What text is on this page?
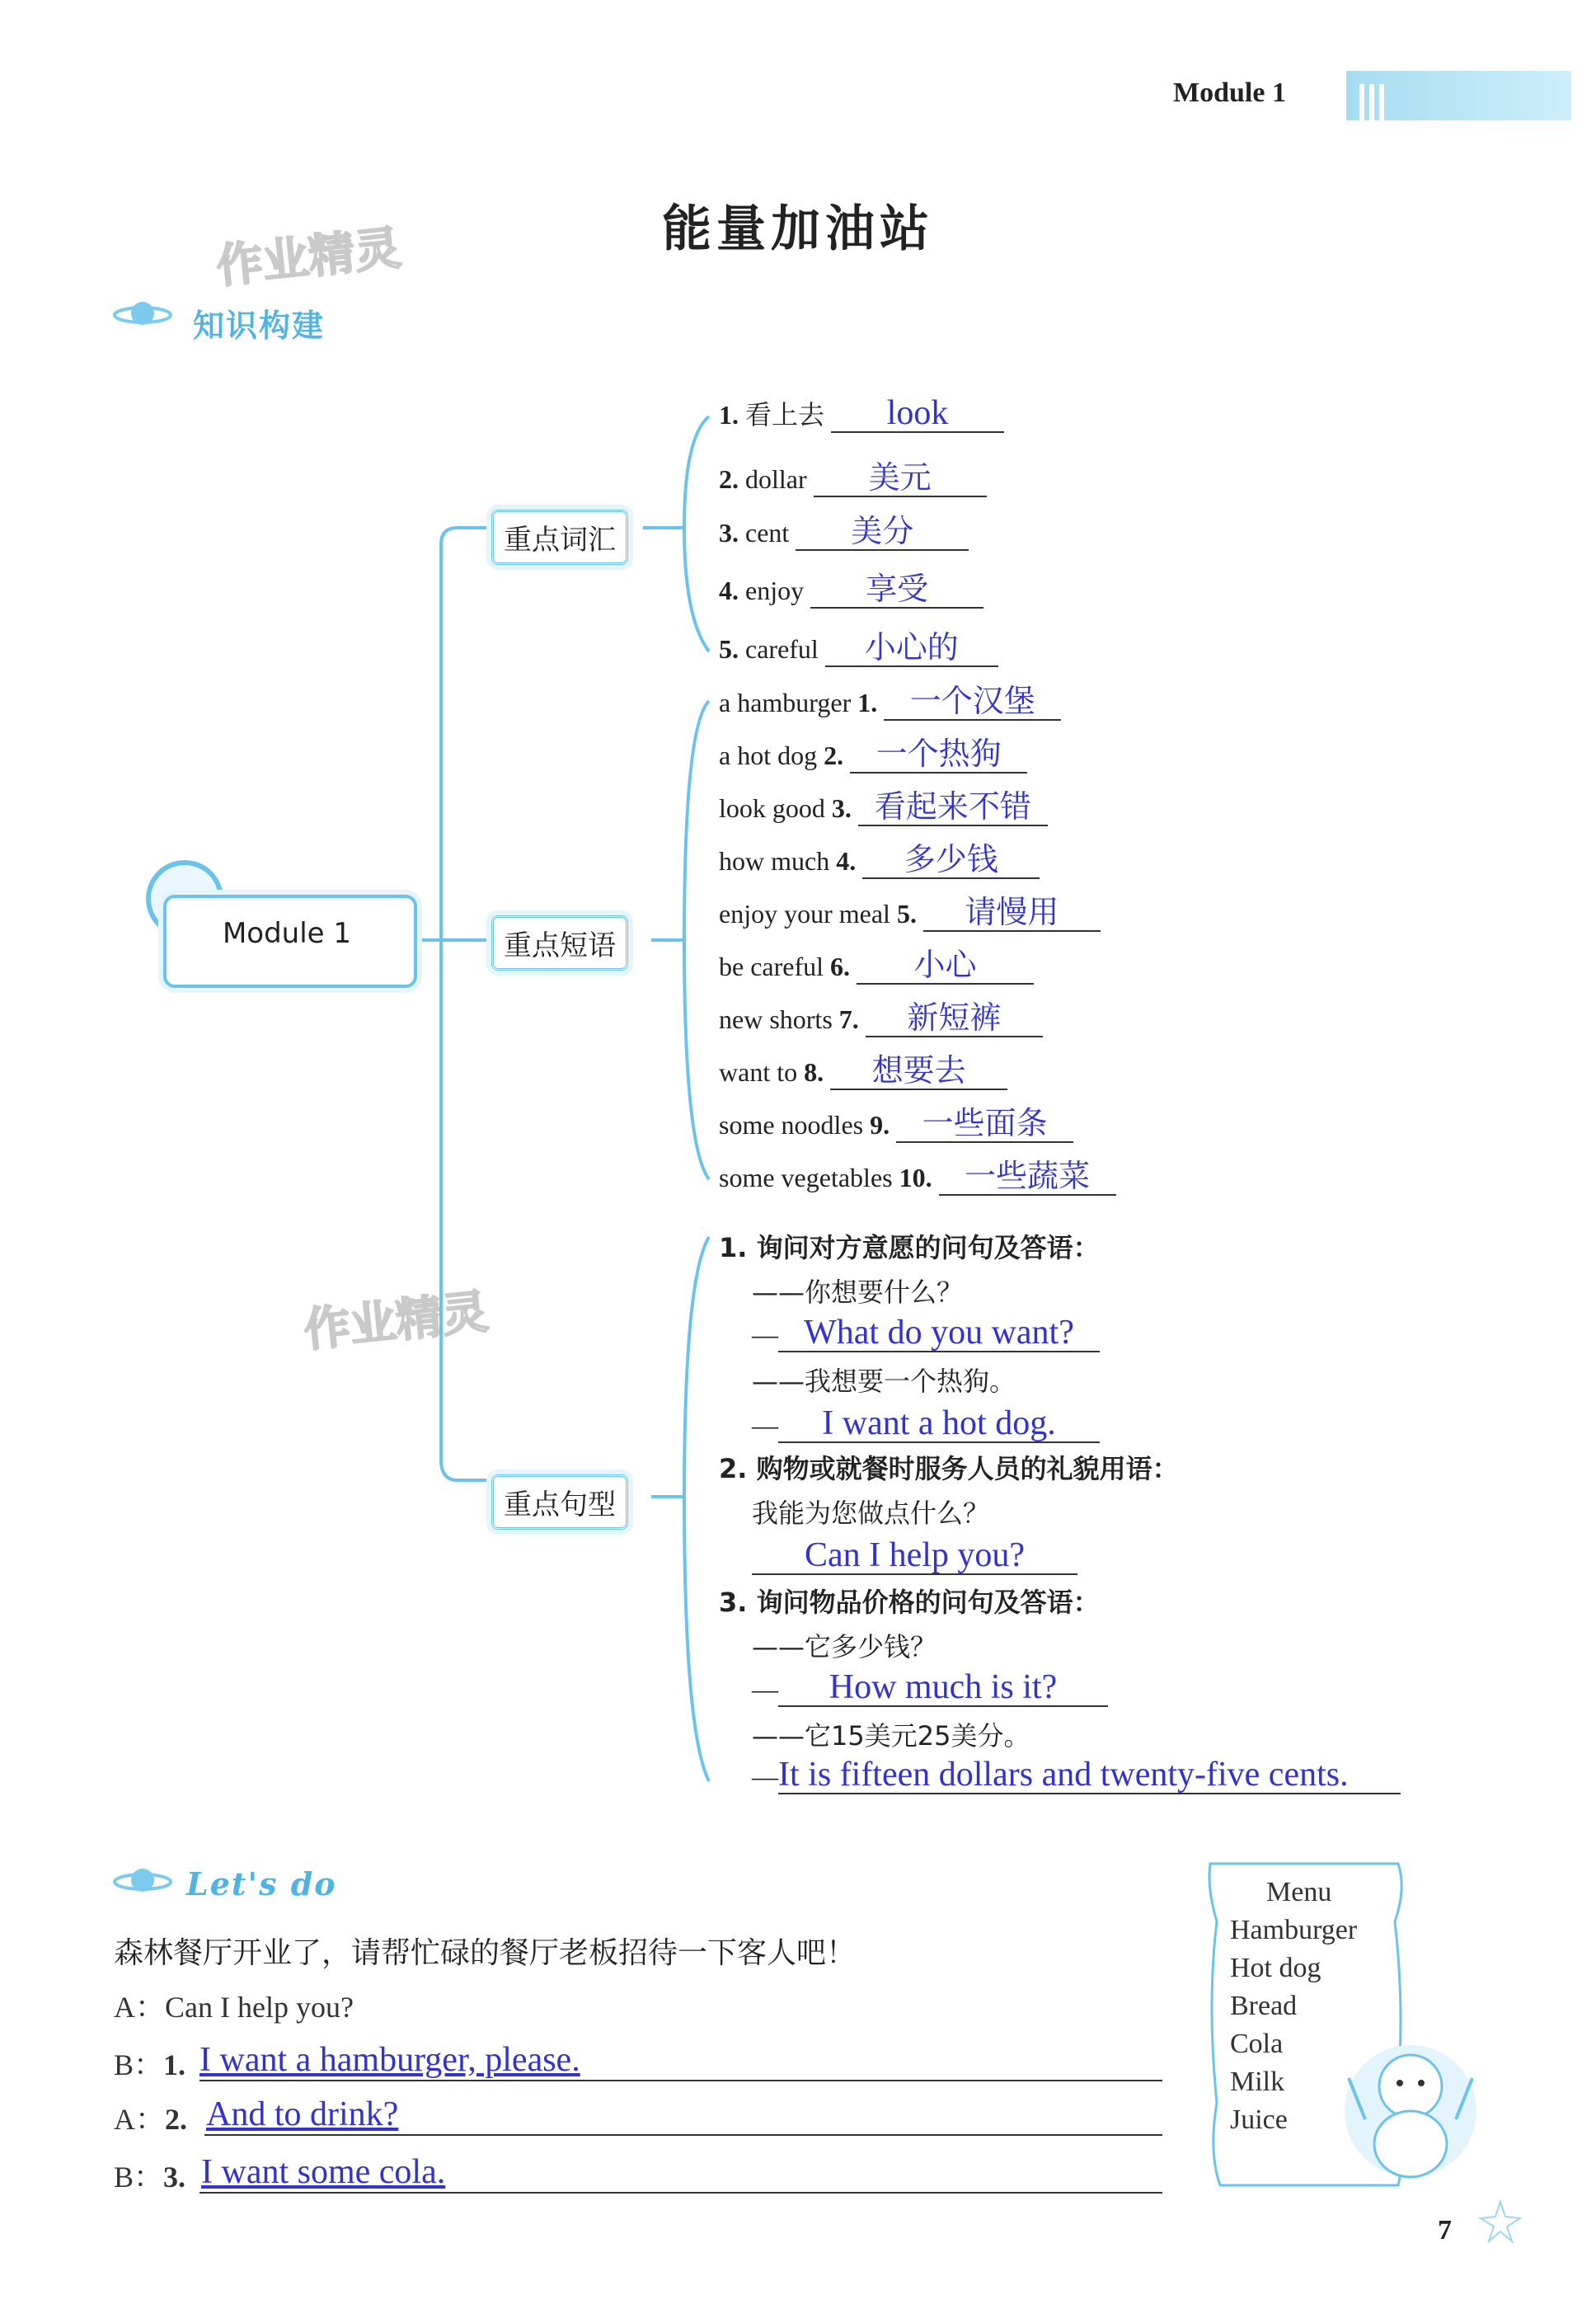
Module 1
能量加油站
作业精灵
作业精灵
知识构建
Module 1
重点词汇
重点短语
重点句型
1. 看上去 look
2. dollar 美元
3. cent 美分
4. enjoy 享受
5. careful 小心的
a hamburger 1. 一个汉堡
a hot dog 2. 一个热狗
look good 3. 看起来不错
how much 4. 多少钱
enjoy your meal 5. 请慢用
be careful 6. 小心
new shorts 7. 新短裤
want to 8. 想要去
some noodles 9. 一些面条
some vegetables 10. 一些蔬菜
1. 询问对方意愿的问句及答语：
——你想要什么？
— What do you want?
——我想要一个热狗。
— I want a hot dog.
2. 购物或就餐时服务人员的礼貌用语：
我能为您做点什么？
Can I help you?
3. 询问物品价格的问句及答语：
——它多少钱？
— How much is it?
——它15美元25美分。
—It is fifteen dollars and twenty-five cents.
Let's do
森林餐厅开业了，请帮忙碌的餐厅老板招待一下客人吧！
A：Can I help you?
B：1. I want a hamburger, please.
A：2. And to drink?
B：3. I want some cola.
Menu
Hamburger
Hot dog
Bread
Cola
Milk
Juice
7
